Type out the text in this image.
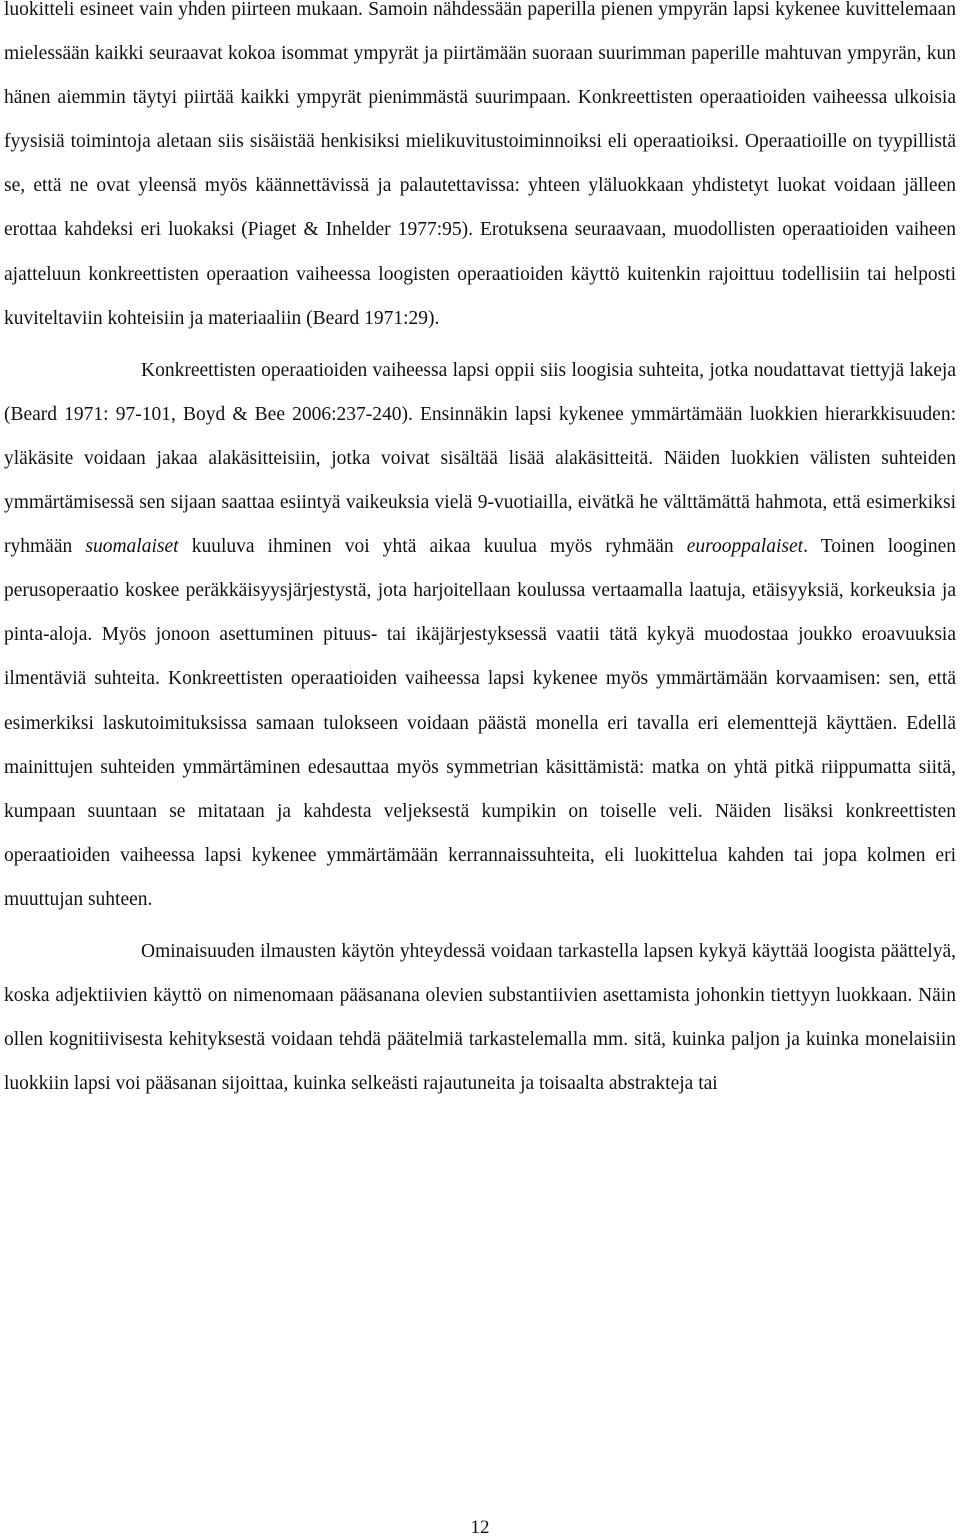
luokitteli esineet vain yhden piirteen mukaan. Samoin nähdessään paperilla pienen ympyrän lapsi kykenee kuvittelemaan mielessään kaikki seuraavat kokoa isommat ympyrät ja piirtämään suoraan suurimman paperille mahtuvan ympyrän, kun hänen aiemmin täytyi piirtää kaikki ympyrät pienimmästä suurimpaan. Konkreettisten operaatioiden vaiheessa ulkoisia fyysisiä toimintoja aletaan siis sisäistää henkisiksi mielikuvitustoiminnoiksi eli operaatioiksi. Operaatioille on tyypillistä se, että ne ovat yleensä myös käännettävissä ja palautettavissa: yhteen yläluokkaan yhdistetyt luokat voidaan jälleen erottaa kahdeksi eri luokaksi (Piaget & Inhelder 1977:95). Erotuksena seuraavaan, muodollisten operaatioiden vaiheen ajatteluun konkreettisten operaation vaiheessa loogisten operaatioiden käyttö kuitenkin rajoittuu todellisiin tai helposti kuviteltaviin kohteisiin ja materiaaliin (Beard 1971:29).

Konkreettisten operaatioiden vaiheessa lapsi oppii siis loogisia suhteita, jotka noudattavat tiettyjä lakeja (Beard 1971: 97-101, Boyd & Bee 2006:237-240). Ensinnäkin lapsi kykenee ymmärtämään luokkien hierarkkisuuden: yläkäsite voidaan jakaa alakäsitteisiin, jotka voivat sisältää lisää alakäsitteitä. Näiden luokkien välisten suhteiden ymmärtämisessä sen sijaan saattaa esiintyä vaikeuksia vielä 9-vuotiailla, eivätkä he välttämättä hahmota, että esimerkiksi ryhmään suomalaiset kuuluva ihminen voi yhtä aikaa kuulua myös ryhmään eurooppalaiset. Toinen looginen perusoperaatio koskee peräkkäisyysjärjestystä, jota harjoitellaan koulussa vertaamalla laatuja, etäisyyksiä, korkeuksia ja pinta-aloja. Myös jonoon asettuminen pituus- tai ikäjärjestyksessä vaatii tätä kykyä muodostaa joukko eroavuuksia ilmentäviä suhteita. Konkreettisten operaatioiden vaiheessa lapsi kykenee myös ymmärtämään korvaamisen: sen, että esimerkiksi laskutoimituksissa samaan tulokseen voidaan päästä monella eri tavalla eri elementtejä käyttäen. Edellä mainittujen suhteiden ymmärtäminen edesauttaa myös symmetrian käsittämistä: matka on yhtä pitkä riippumatta siitä, kumpaan suuntaan se mitataan ja kahdesta veljeksestä kumpikin on toiselle veli. Näiden lisäksi konkreettisten operaatioiden vaiheessa lapsi kykenee ymmärtämään kerrannaissuhteita, eli luokittelua kahden tai jopa kolmen eri muuttujan suhteen.

Ominaisuuden ilmausten käytön yhteydessä voidaan tarkastella lapsen kykyä käyttää loogista päättelyä, koska adjektiivien käyttö on nimenomaan pääsanana olevien substantiivien asettamista johonkin tiettyyn luokkaan. Näin ollen kognitiivisesta kehityksestä voidaan tehdä päätelmiä tarkastelemalla mm. sitä, kuinka paljon ja kuinka monelaisiin luokkiin lapsi voi pääsanan sijoittaa, kuinka selkeästi rajautuneita ja toisaalta abstrakteja tai

12
